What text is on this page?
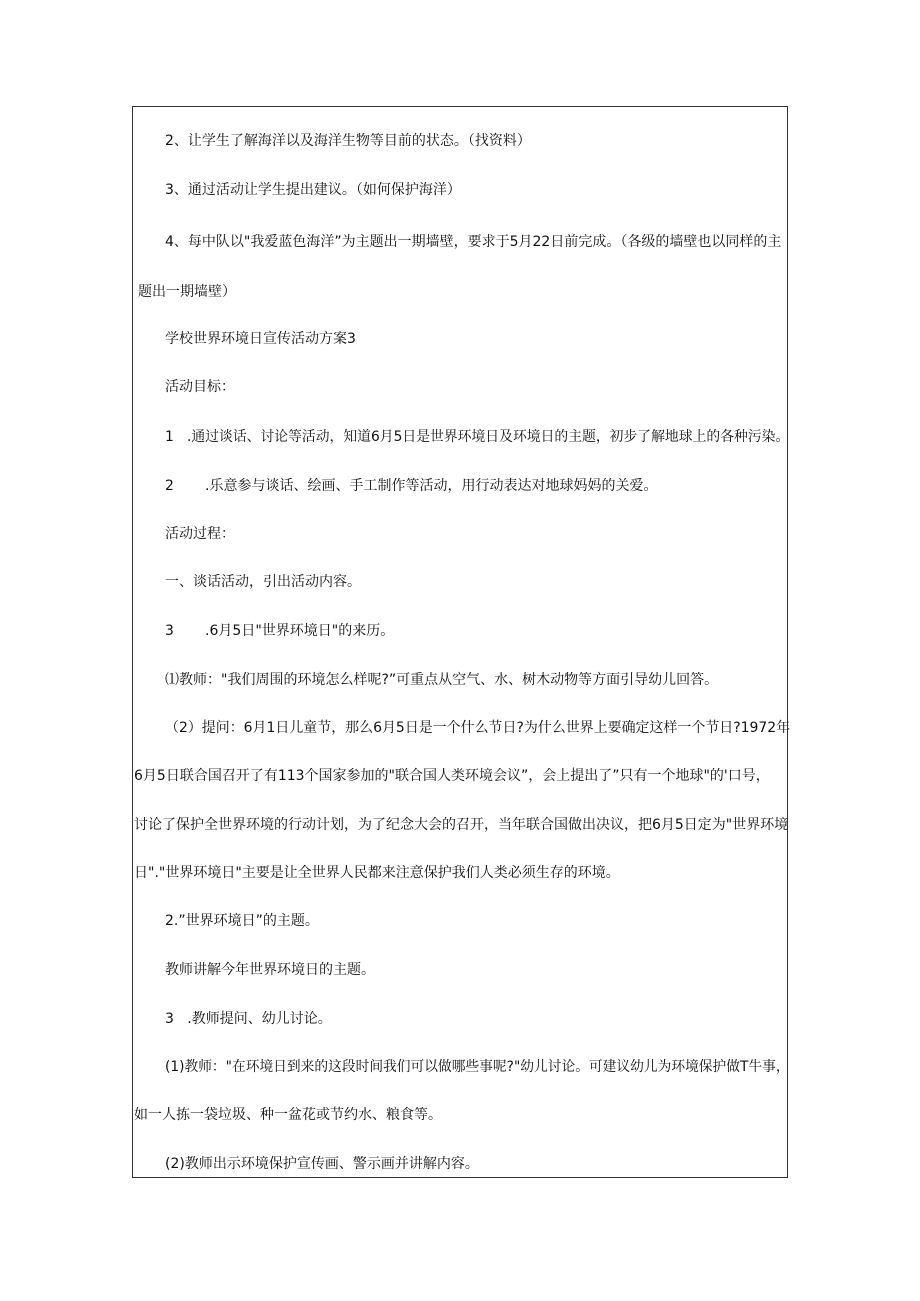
2、让学生了解海洋以及海洋生物等目前的状态。（找资料）
3、通过活动让学生提出建议。（如何保护海洋）
4、每中队以"我爱蓝色海洋”为主题出一期墙壁，要求于5月22日前完成。（各级的墙壁也以同样的主
题出一期墙壁）
学校世界环境日宣传活动方案3
活动目标：
1   .通过谈话、讨论等活动，知道6月5日是世界环境日及环境日的主题，初步了解地球上的各种污染。
2       .乐意参与谈话、绘画、手工制作等活动，用行动表达对地球妈妈的关爱。
活动过程：
一、谈话活动，引出活动内容。
3       .6月5日"世界环境日"的来历。
⑴教师："我们周围的环境怎么样呢?”可重点从空气、水、树木动物等方面引导幼儿回答。
（2）提问：6月1日儿童节，那么6月5日是一个什么节日?为什么世界上要确定这样一个节日?1972年
6月5日联合国召开了有113个国家参加的"联合国人类环境会议”，会上提出了”只有一个地球"的'口号，
讨论了保护全世界环境的行动计划，为了纪念大会的召开，当年联合国做出决议，把6月5日定为"世界环境
日"."世界环境日"主要是让全世界人民都来注意保护我们人类必须生存的环境。
2.”世界环境日”的主题。
教师讲解今年世界环境日的主题。
3   .教师提问、幼儿讨论。
(1)教师："在环境日到来的这段时间我们可以做哪些事呢?"幼儿讨论。可建议幼儿为环境保护做T牛事，
如一人拣一袋垃圾、种一盆花或节约水、粮食等。
(2)教师出示环境保护宣传画、警示画并讲解内容。
